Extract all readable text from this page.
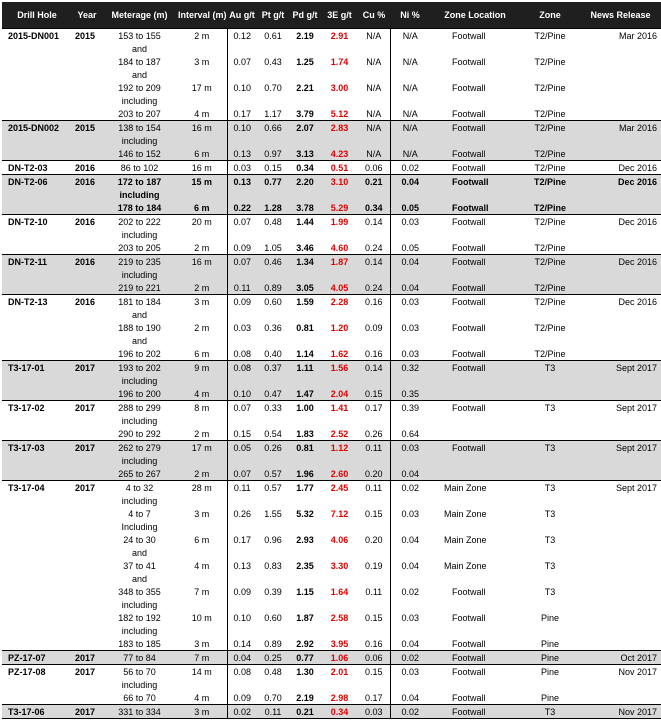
Drill Hole	Year	Meterage (m)	Interval (m)	Au g/t	Pt g/t	Pd g/t	3E g/t	Cu %	Ni %	Zone Location	Zone	News Release
2015-DN001	2015	153 to 155	2 m	0.12	0.61	2.19	2.91	N/A	N/A	Footwall	T2/Pine	Mar 2016
		and										
		184 to 187	3 m	0.07	0.43	1.25	1.74	N/A	N/A	Footwall	T2/Pine	
		and										
		192 to 209	17 m	0.10	0.70	2.21	3.00	N/A	N/A	Footwall	T2/Pine	
		including										
		203 to 207	4 m	0.17	1.17	3.79	5.12	N/A	N/A	Footwall	T2/Pine	
2015-DN002	2015	138 to 154	16 m	0.10	0.66	2.07	2.83	N/A	N/A	Footwall	T2/Pine	Mar 2016
		including										
		146 to 152	6 m	0.13	0.97	3.13	4.23	N/A	N/A	Footwall	T2/Pine	
DN-T2-03	2016	86 to 102	16 m	0.03	0.15	0.34	0.51	0.06	0.02	Footwall	T2/Pine	Dec 2016
DN-T2-06	2016	172 to 187	15 m	0.13	0.77	2.20	3.10	0.21	0.04	Footwall	T2/Pine	Dec 2016
		including										
		178 to 184	6 m	0.22	1.28	3.78	5.29	0.34	0.05	Footwall	T2/Pine	
DN-T2-10	2016	202 to 222	20 m	0.07	0.48	1.44	1.99	0.14	0.03	Footwall	T2/Pine	Dec 2016
		including										
		203 to 205	2 m	0.09	1.05	3.46	4.60	0.24	0.05	Footwall	T2/Pine	
DN-T2-11	2016	219 to 235	16 m	0.07	0.46	1.34	1.87	0.14	0.04	Footwall	T2/Pine	Dec 2016
		including										
		219 to 221	2 m	0.11	0.89	3.05	4.05	0.24	0.04	Footwall	T2/Pine	
DN-T2-13	2016	181 to 184	3 m	0.09	0.60	1.59	2.28	0.16	0.03	Footwall	T2/Pine	Dec 2016
		and										
		188 to 190	2 m	0.03	0.36	0.81	1.20	0.09	0.03	Footwall	T2/Pine	
		and										
		196 to 202	6 m	0.08	0.40	1.14	1.62	0.16	0.03	Footwall	T2/Pine	
T3-17-01	2017	193 to 202	9 m	0.08	0.37	1.11	1.56	0.14	0.32	Footwall	T3	Sept 2017
		including										
		196 to 200	4 m	0.10	0.47	1.47	2.04	0.15	0.35			
T3-17-02	2017	288 to 299	8 m	0.07	0.33	1.00	1.41	0.17	0.39	Footwall	T3	Sept 2017
		including										
		290 to 292	2 m	0.15	0.54	1.83	2.52	0.26	0.64			
T3-17-03	2017	262 to 279	17 m	0.05	0.26	0.81	1.12	0.11	0.03	Footwall	T3	Sept 2017
		including										
		265 to 267	2 m	0.07	0.57	1.96	2.60	0.20	0.04			
T3-17-04	2017	4 to 32	28 m	0.11	0.57	1.77	2.45	0.11	0.02	Main Zone	T3	Sept 2017
		including										
		4 to 7	3 m	0.26	1.55	5.32	7.12	0.15	0.03	Main Zone	T3	
		Including										
		24 to 30	6 m	0.17	0.96	2.93	4.06	0.20	0.04	Main Zone	T3	
		and										
		37 to 41	4 m	0.13	0.83	2.35	3.30	0.19	0.04	Main Zone	T3	
		and										
		348 to 355	7 m	0.09	0.39	1.15	1.64	0.11	0.02	Footwall	T3	
		including										
		182 to 192	10 m	0.10	0.60	1.87	2.58	0.15	0.03	Footwall	Pine	
		including										
		183 to 185	3 m	0.14	0.89	2.92	3.95	0.16	0.04	Footwall	Pine	
PZ-17-07	2017	77 to 84	7 m	0.04	0.25	0.77	1.06	0.06	0.02	Footwall	Pine	Oct 2017
PZ-17-08	2017	56 to 70	14 m	0.08	0.48	1.30	2.01	0.15	0.03	Footwall	Pine	Nov 2017
		including										
		66 to 70	4 m	0.09	0.70	2.19	2.98	0.17	0.04	Footwall	Pine	
T3-17-06	2017	331 to 334	3 m	0.02	0.11	0.21	0.34	0.03	0.02	Footwall	T3	Nov 2017
